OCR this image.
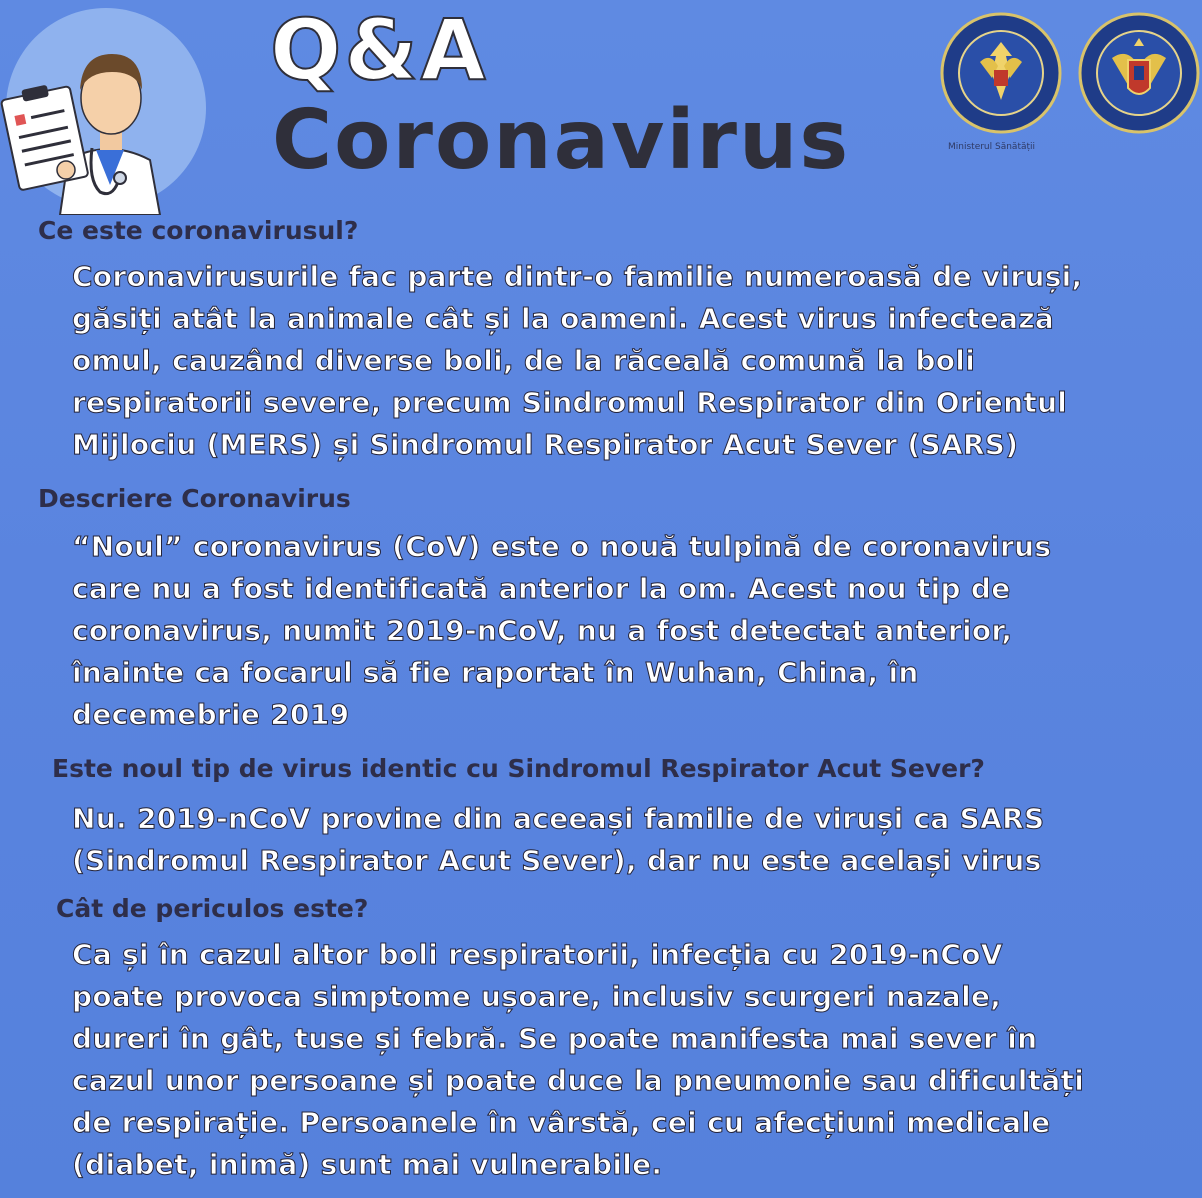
Q&A
Coronavirus	Ministerul Sănătății
Ce este coronavirusul?
Coronavirusurile fac parte dintr-o familie numeroasă de viruși,
găsiți atât la animale cât și la oameni. Acest virus infectează
omul, cauzând diverse boli, de la răceală comună la boli
respiratorii severe, precum Sindromul Respirator din Orientul
Mijlociu (MERS) și Sindromul Respirator Acut Sever (SARS)
Descriere Coronavirus
“Noul” coronavirus (CoV) este o nouă tulpină de coronavirus
care nu a fost identificată anterior la om. Acest nou tip de
coronavirus, numit 2019-nCoV, nu a fost detectat anterior,
înainte ca focarul să fie raportat în Wuhan, China, în
decemebrie 2019
Este noul tip de virus identic cu Sindromul Respirator Acut Sever?
Nu. 2019-nCoV provine din aceeași familie de viruși ca SARS
(Sindromul Respirator Acut Sever), dar nu este același virus
Cât de periculos este?
Ca și în cazul altor boli respiratorii, infecția cu 2019-nCoV
poate provoca simptome ușoare, inclusiv scurgeri nazale,
dureri în gât, tuse și febră. Se poate manifesta mai sever în
cazul unor persoane și poate duce la pneumonie sau dificultăți
de respirație. Persoanele în vârstă, cei cu afecțiuni medicale
(diabet, inimă) sunt mai vulnerabile.
